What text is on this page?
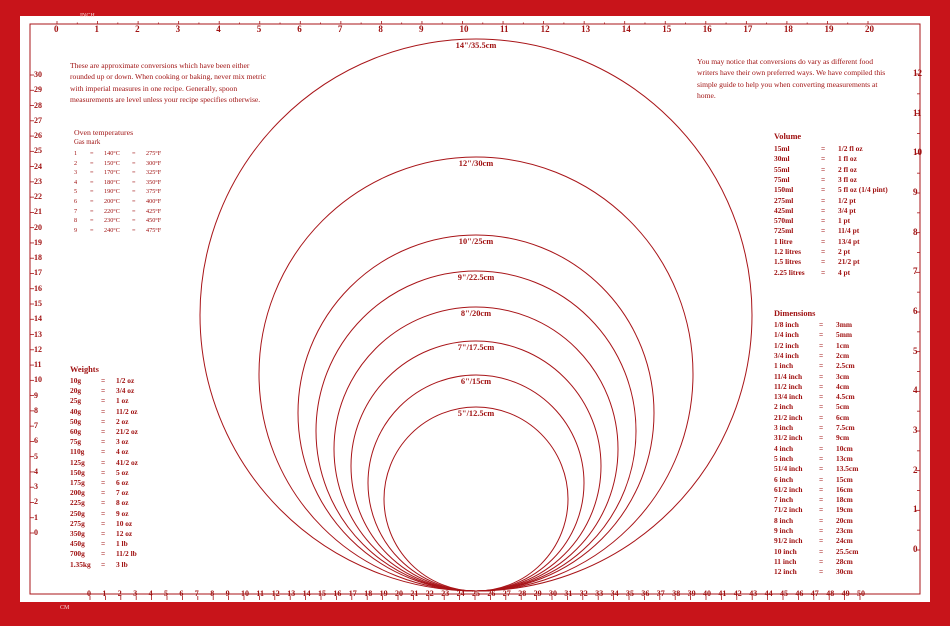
0	1	2	3	4	5	6	7	8	9	10	11	12	13	14	15	16	17	18	19	20
0 1 2 3 4 5 6 7 8 9 10 11 12 13 14 15 16 17 18 19 20 21 22 23 24 25 26 27 28 29 30 31 32 33 34 35 36 37 38 39 40 41 42 43 44 45 46 47 48 49 50
30
29
28
27
26
25
24
23
22
21
20
19
18
17
16
15
14
13
12
11
10
9
8
7
6
5
4
3
2
1
0
12
11
10
9
8
7
6
5
4
3
2
1
0
INCH
CM
These are approximate conversions which have been either rounded up or down. When cooking or baking, never mix metric with imperial measures in one recipe. Generally, spoon measurements are level unless your recipe specifies otherwise.
You may notice that conversions do vary as different food writers have their own preferred ways. We have compiled this simple guide to help you when converting measurements at home.
Oven temperatures
Gas mark
1 = 140°C = 275°F
2 = 150°C = 300°F
3 = 170°C = 325°F
4 = 180°C = 350°F
5 = 190°C = 375°F
6 = 200°C = 400°F
7 = 220°C = 425°F
8 = 230°C = 450°F
9 = 240°C = 475°F
Weights
10g	= 1/2 oz
20g	= 3/4 oz
25g	= 1 oz
40g	= 11/2 oz
50g	= 2 oz
60g	= 21/2 oz
75g	= 3 oz
110g = 4 oz
125g = 41/2 oz
150g = 5 oz
175g = 6 oz
200g = 7 oz
225g = 8 oz
250g = 9 oz
275g = 10 oz
350g = 12 oz
450g = 1 lb
700g = 11/2 lb
1.35kg = 3 lb
Volume
15ml	= 1/2 fl oz
30ml	= 1 fl oz
55ml	= 2 fl oz
75ml	= 3 fl oz
150ml	= 5 fl oz (1/4 pint)
275ml	= 1/2 pt
425ml	= 3/4 pt
570ml	= 1 pt
725ml	= 11/4 pt
1 litre	= 13/4 pt
1.2 litres	= 2 pt
1.5 litres	= 21/2 pt
2.25 litres = 4 pt
Dimensions
1/8 inch	= 3mm
1/4 inch	= 5mm
1/2 inch	= 1cm
3/4 inch	= 2cm
1 inch	= 2.5cm
11/4 inch = 3cm
11/2 inch = 4cm
13/4 inch = 4.5cm
2 inch	= 5cm
21/2 inch = 6cm
3 inch	= 7.5cm
31/2 inch = 9cm
4 inch	= 10cm
5 inch	= 13cm
51/4 inch = 13.5cm
6 inch	= 15cm
61/2 inch = 16cm
7 inch	= 18cm
71/2 inch = 19cm
8 inch	= 20cm
9 inch	= 23cm
91/2 inch = 24cm
10 inch	= 25.5cm
11 inch	= 28cm
12 inch	= 30cm
14"/35.5cm
12"/30cm
10"/25cm
9"/22.5cm
8"/20cm
7"/17.5cm
6"/15cm
5"/12.5cm
